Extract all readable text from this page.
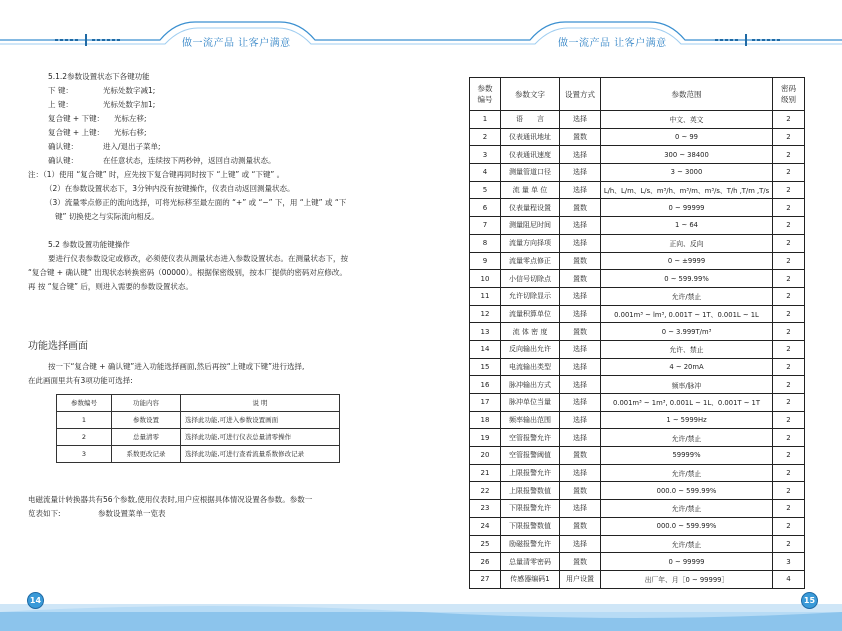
做一流产品 让客户满意	做一流产品 让客户满意
14	15
5.1.2参数设置状态下各键功能
下 键：	光标处数字减1;
上 键：	光标处数字加1;
复合键 + 下键： 光标左移;
复合键 + 上键： 光标右移;
确认键：	进入/退出子菜单;
确认键：	在任意状态，连续按下两秒钟，返回自动测量状态。
注：（1）使用 “复合键” 时，应先按下复合键再同时按下 “上键” 或 “下键” 。
（2）在参数设置状态下，3分钟内没有按键操作，仪表自动返回测量状态。
（3）流量零点修正的流向选择，可将光标移至最左面的 “+” 或 “−” 下，用 “上键” 或 “下
键” 切换使之与实际流向相反。
5.2 参数设置功能键操作
要进行仪表参数设定或修改，必须使仪表从测量状态进入参数设置状态。在测量状态下，按
“复合键 + 确认键” 出现状态转换密码（00000）。根据保密级别，按本厂提供的密码对应修改。
再 按 “复合键” 后，则进入需要的参数设置状态。
功能选择画面
按一下“复合键 + 确认键”进入功能选择画面,然后再按“上键或下键”进行选择,
在此画面里共有3项功能可选择:
参数编号	功能内容	说 明
1	参数设置	选择此功能,可进入参数设置画面
2	总量清零	选择此功能,可进行仪表总量清零操作
3	系数更改记录	选择此功能,可进行查看流量系数修改记录
电磁流量计转换器共有56个参数,使用仪表时,用户应根据具体情况设置各参数。参数一
览表如下:	参数设置菜单一览表
参数
编号	参数文字	设置方式	参数范围	密码
级别
1	语　　言	选择	中文、英文	2
2	仪表通讯地址	置数	0 ~ 99	2
3	仪表通讯速度	选择	300 ~ 38400	2
4	测量管道口径	选择	3 ~ 3000	2
5	流 量 单 位	选择	L/h、L/m、L/s、m³/h、m³/m、m³/s、T/h ,T/m ,T/s	2
6	仪表量程设置	置数	0 ~ 99999	2
7	测量阻尼时间	选择	1 ~ 64	2
8	流量方向择项	选择	正向、反向	2
9	流量零点修正	置数	0 ~ ±9999	2
10	小信号切除点	置数	0 ~ 599.99%	2
11	允许切除显示	选择	允许/禁止	2
12	流量积算单位	选择	0.001m³ ~ lm³, 0.001T ~ 1T、0.001L ~ 1L	2
13	流 体 密 度	置数	0 ~ 3.999T/m³	2
14	反向输出允许	选择	允许、禁止	2
15	电流输出类型	选择	4 ~ 20mA	2
16	脉冲输出方式	选择	频率/脉冲	2
17	脉冲单位当量	选择	0.001m³ ~ 1m³, 0.001L ~ 1L、0.001T ~ 1T	2
18	频率输出范围	选择	1 ~ 5999Hz	2
19	空管报警允许	选择	允许/禁止	2
20	空管报警阈值	置数	59999%	2
21	上限报警允许	选择	允许/禁止	2
22	上限报警数值	置数	000.0 ~ 599.99%	2
23	下限报警允许	选择	允许/禁止	2
24	下限报警数值	置数	000.0 ~ 599.99%	2
25	励磁报警允许	选择	允许/禁止	2
26	总量清零密码	置数	0 ~ 99999	3
27	传感器编码1	用户设置	出厂年、月［0 ~ 99999］	4
